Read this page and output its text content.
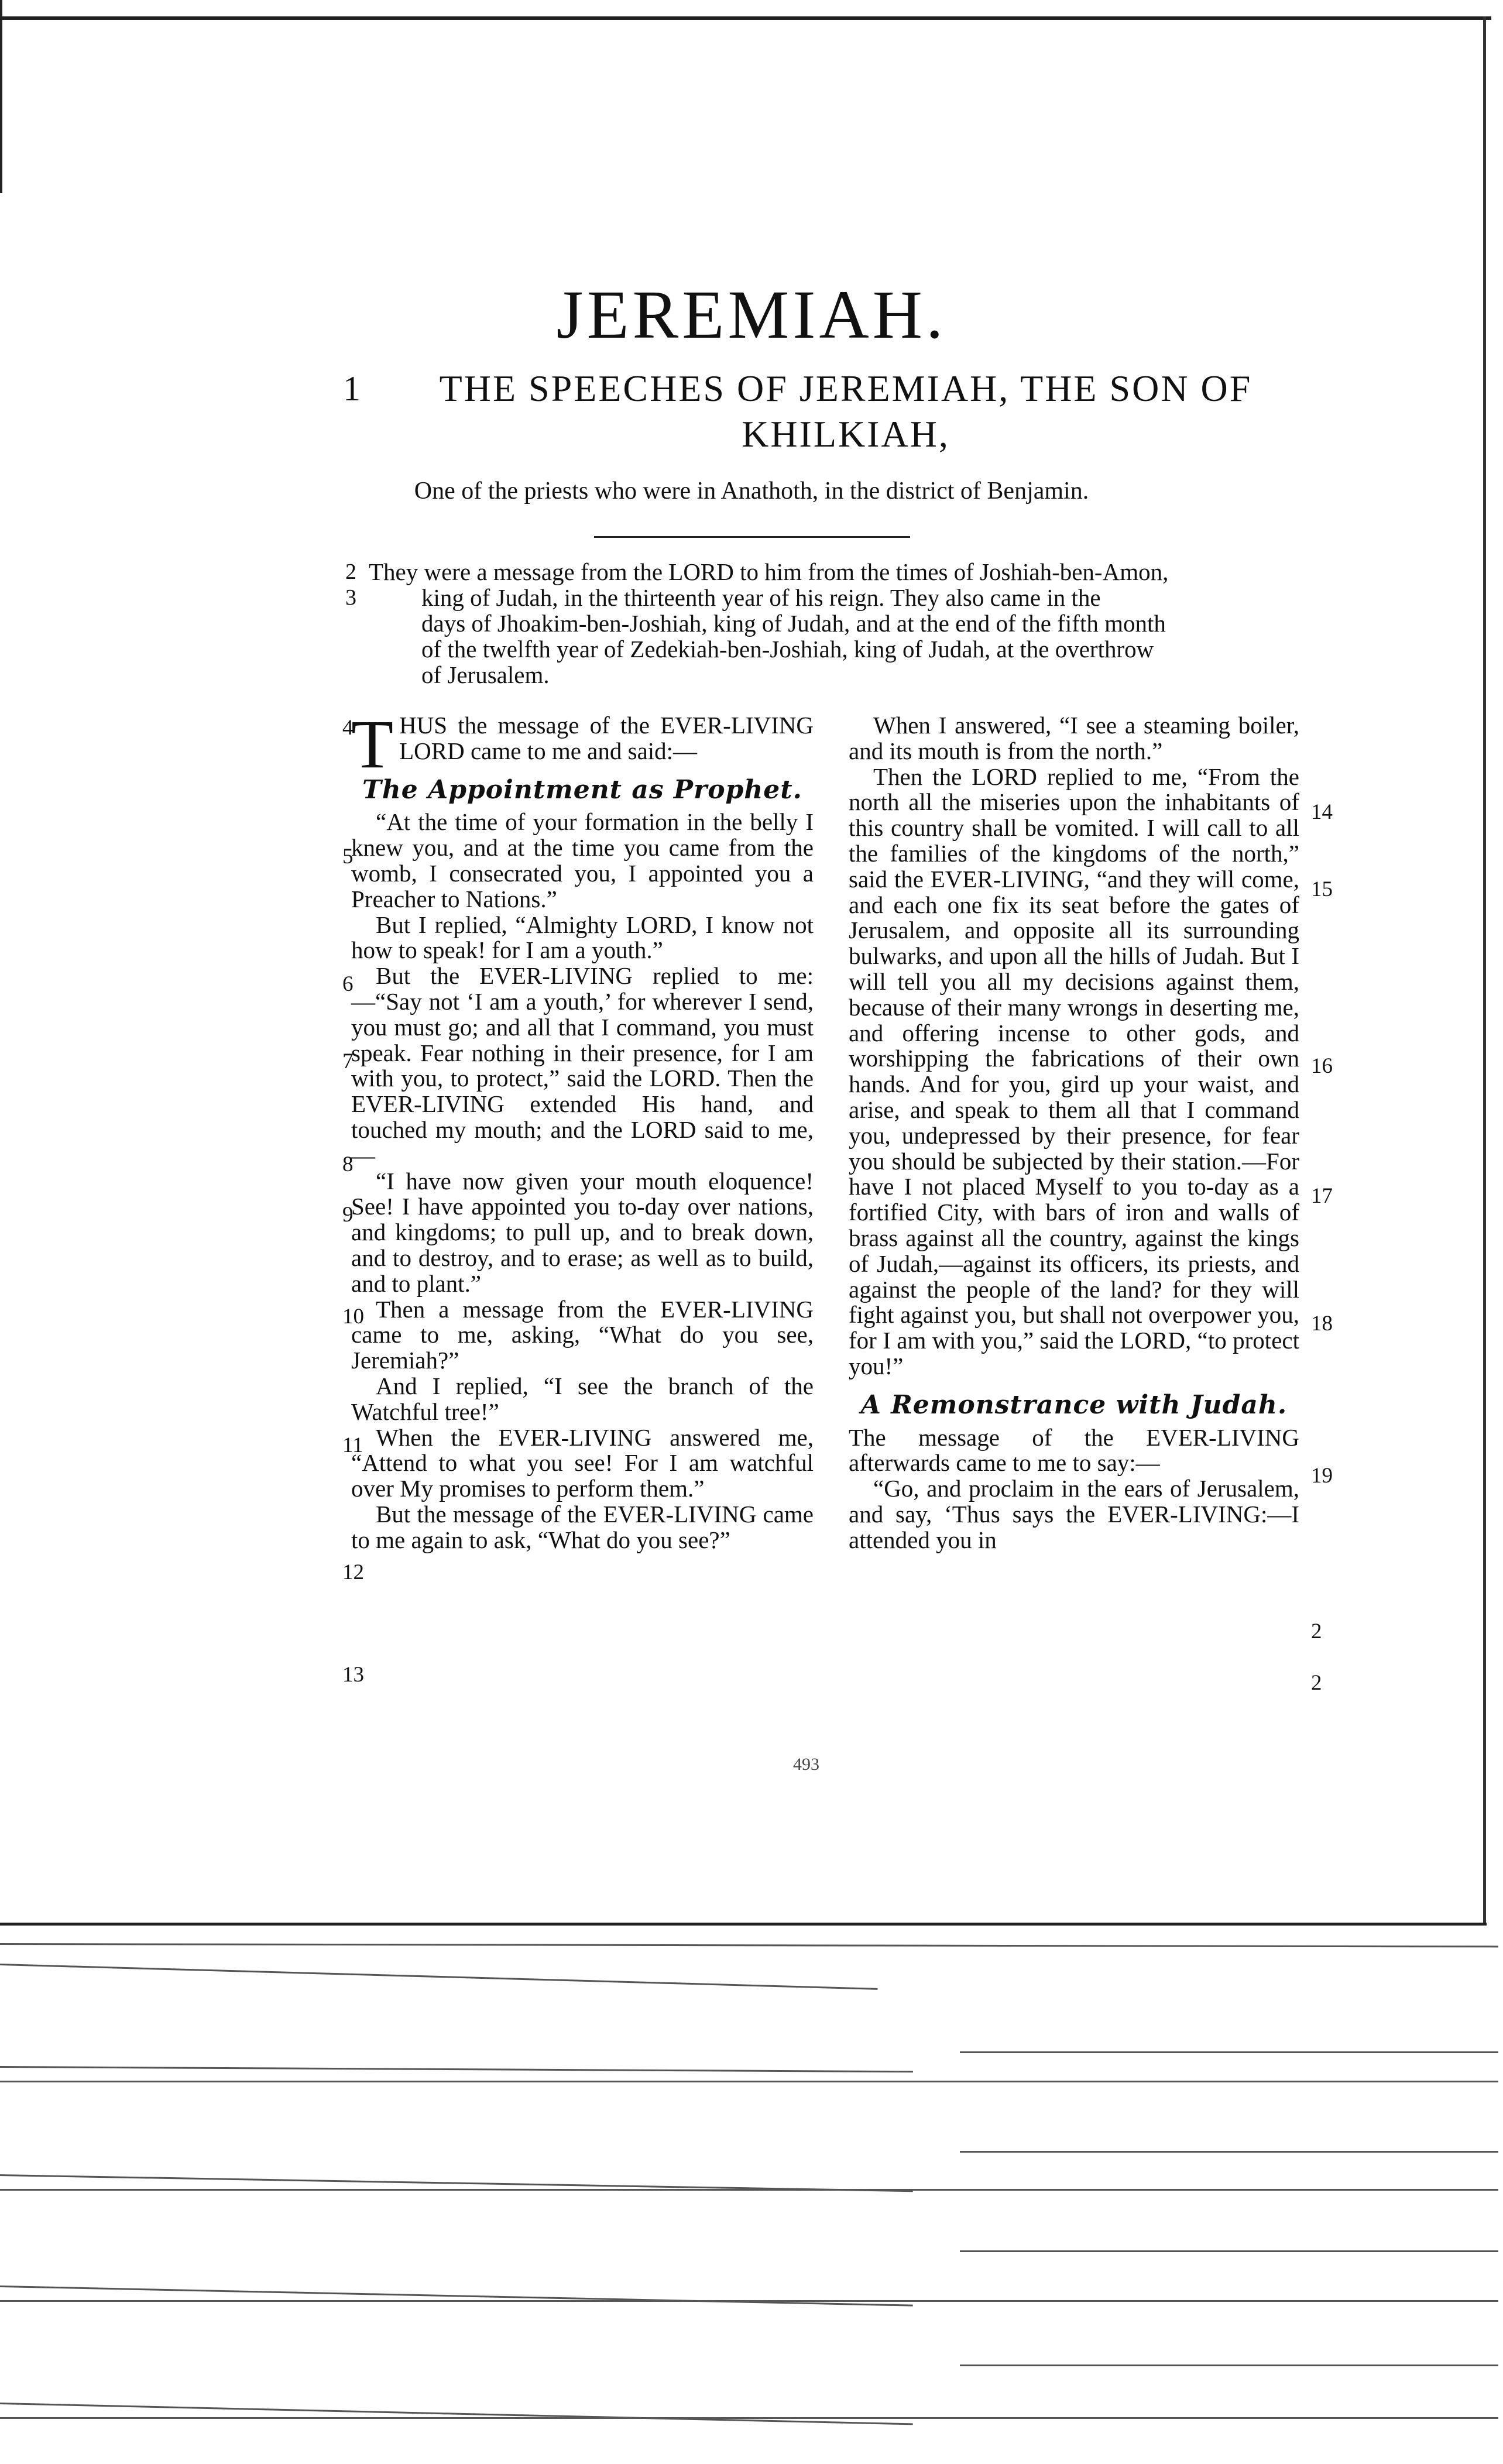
JEREMIAH.
1	THE SPEECHES OF JEREMIAH, THE SON OF KHILKIAH,
One of the priests who were in Anathoth, in the district of Benjamin.
2
3
They were a message from the LORD to him from the times of Joshiah-ben-Amon,
king of Judah, in the thirteenth year of his reign. They also came in the
days of Jhoakim-ben-Joshiah, king of Judah, and at the end of the fifth month
of the twelfth year of Zedekiah-ben-Joshiah, king of Judah, at the overthrow
of Jerusalem.
4
5
6
7
8
9
10
11
12
13

T HUS the message of the EVER-LIVING LORD came to me and said:—

The Appointment as Prophet.

“At the time of your formation in the belly I knew you, and at the time you came from the womb, I consecrated you, I appointed you a Preacher to Nations.”

But I replied, “Almighty LORD, I know not how to speak! for I am a youth.”

But the EVER-LIVING replied to me:—“Say not ‘I am a youth,’ for wherever I send, you must go; and all that I command, you must speak. Fear nothing in their presence, for I am with you, to protect,” said the LORD. Then the EVER-LIVING extended His hand, and touched my mouth; and the LORD said to me,—

“I have now given your mouth eloquence! See! I have appointed you to-day over nations, and kingdoms; to pull up, and to break down, and to destroy, and to erase; as well as to build, and to plant.”

Then a message from the EVER-LIVING came to me, asking, “What do you see, Jeremiah?”

And I replied, “I see the branch of the Watchful tree!”

When the EVER-LIVING answered me, “Attend to what you see! For I am watchful over My promises to perform them.”

But the message of the EVER-LIVING came to me again to ask, “What do you see?”

14
15
16
17
18
19
2
2

When I answered, “I see a steaming boiler, and its mouth is from the north.”

Then the LORD replied to me, “From the north all the miseries upon the inhabitants of this country shall be vomited. I will call to all the families of the kingdoms of the north,” said the EVER-LIVING, “and they will come, and each one fix its seat before the gates of Jerusalem, and opposite all its surrounding bulwarks, and upon all the hills of Judah. But I will tell you all my decisions against them, because of their many wrongs in deserting me, and offering incense to other gods, and worshipping the fabrications of their own hands. And for you, gird up your waist, and arise, and speak to them all that I command you, undepressed by their presence, for fear you should be subjected by their station.—For have I not placed Myself to you to-day as a fortified City, with bars of iron and walls of brass against all the country, against the kings of Judah,—against its officers, its priests, and against the people of the land? for they will fight against you, but shall not overpower you, for I am with you,” said the LORD, “to protect you!”

A Remonstrance with Judah.

The message of the EVER-LIVING afterwards came to me to say:—

“Go, and proclaim in the ears of Jerusalem, and say, ‘Thus says the EVER-LIVING:—I attended you in

493
